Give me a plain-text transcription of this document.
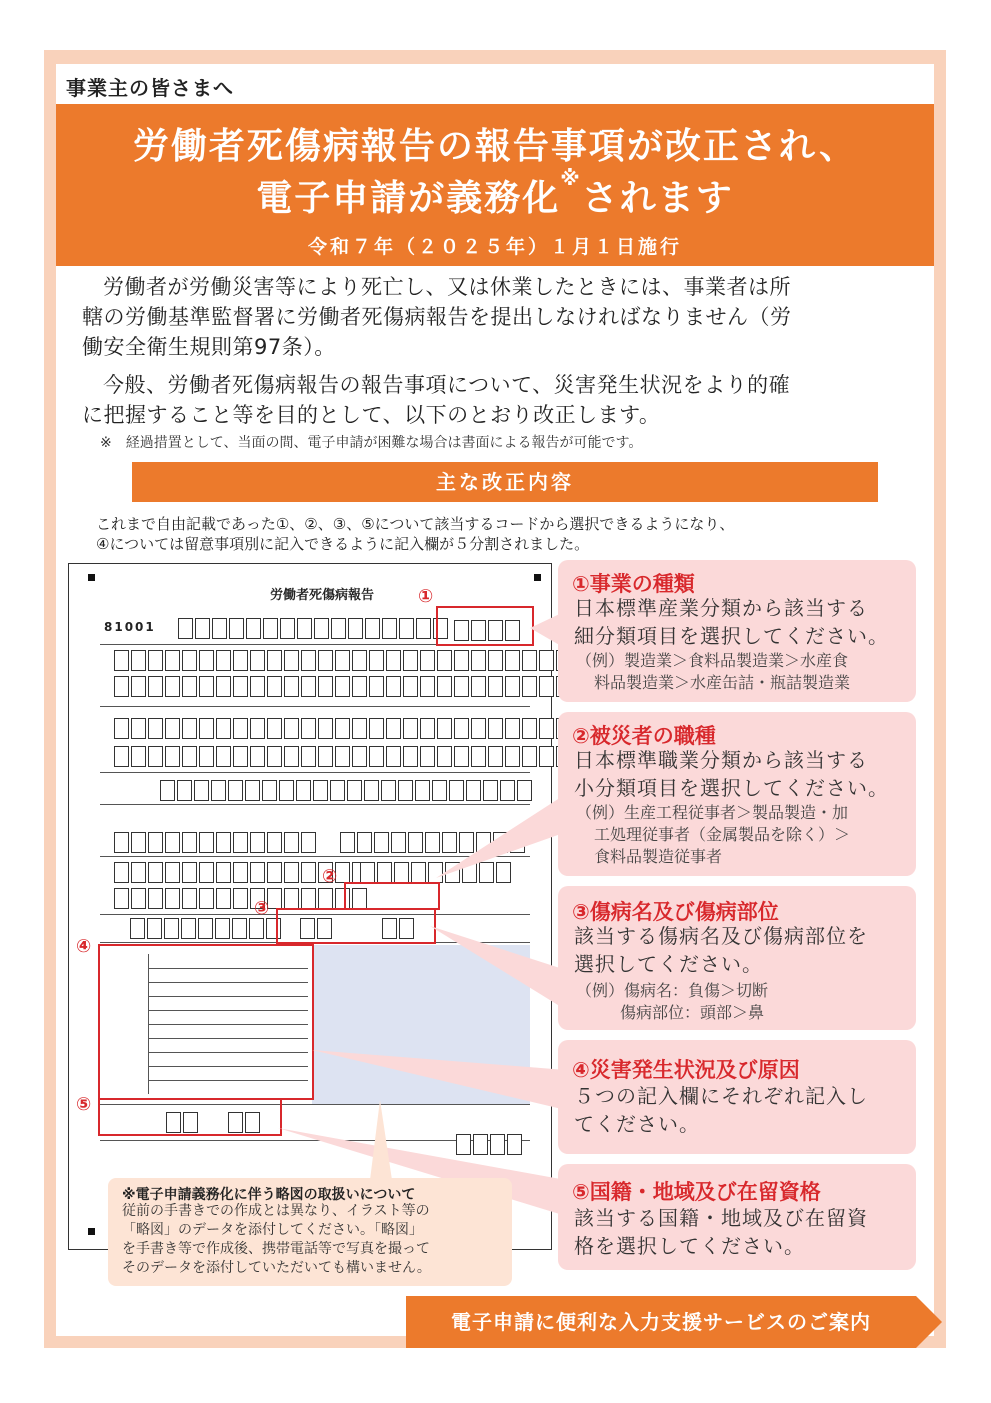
事業主の皆さまへ
労働者死傷病報告の報告事項が改正され、
電子申請が義務化※されます
令和７年（２０２５年）１月１日施行
労働者が労働災害等により死亡し、又は休業したときには、事業者は所
轄の労働基準監督署に労働者死傷病報告を提出しなければなりません（労
働安全衛生規則第97条）。
今般、労働者死傷病報告の報告事項について、災害発生状況をより的確
に把握すること等を目的として、以下のとおり改正します。
※　経過措置として、当面の間、電子申請が困難な場合は書面による報告が可能です。
主な改正内容
これまで自由記載であった①、②、③、⑤について該当するコードから選択できるようになり、
④については留意事項別に記入できるように記入欄が５分割されました。
労働者死傷病報告
81001
①
②
③
④
⑤
①事業の種類
日本標準産業分類から該当する
細分類項目を選択してください。
（例）製造業＞食料品製造業＞水産食
料品製造業＞水産缶詰・瓶詰製造業
②被災者の職種
日本標準職業分類から該当する
小分類項目を選択してください。
（例）生産工程従事者＞製品製造・加
工処理従事者（金属製品を除く）＞
食料品製造従事者
③傷病名及び傷病部位
該当する傷病名及び傷病部位を
選択してください。
（例）傷病名：負傷＞切断
傷病部位：頭部＞鼻
④災害発生状況及び原因
５つの記入欄にそれぞれ記入し
てください。
⑤国籍・地域及び在留資格
該当する国籍・地域及び在留資
格を選択してください。
※電子申請義務化に伴う略図の取扱いについて
従前の手書きでの作成とは異なり、イラスト等の
「略図」のデータを添付してください。「略図」
を手書き等で作成後、携帯電話等で写真を撮って
そのデータを添付していただいても構いません。
電子申請に便利な入力支援サービスのご案内
